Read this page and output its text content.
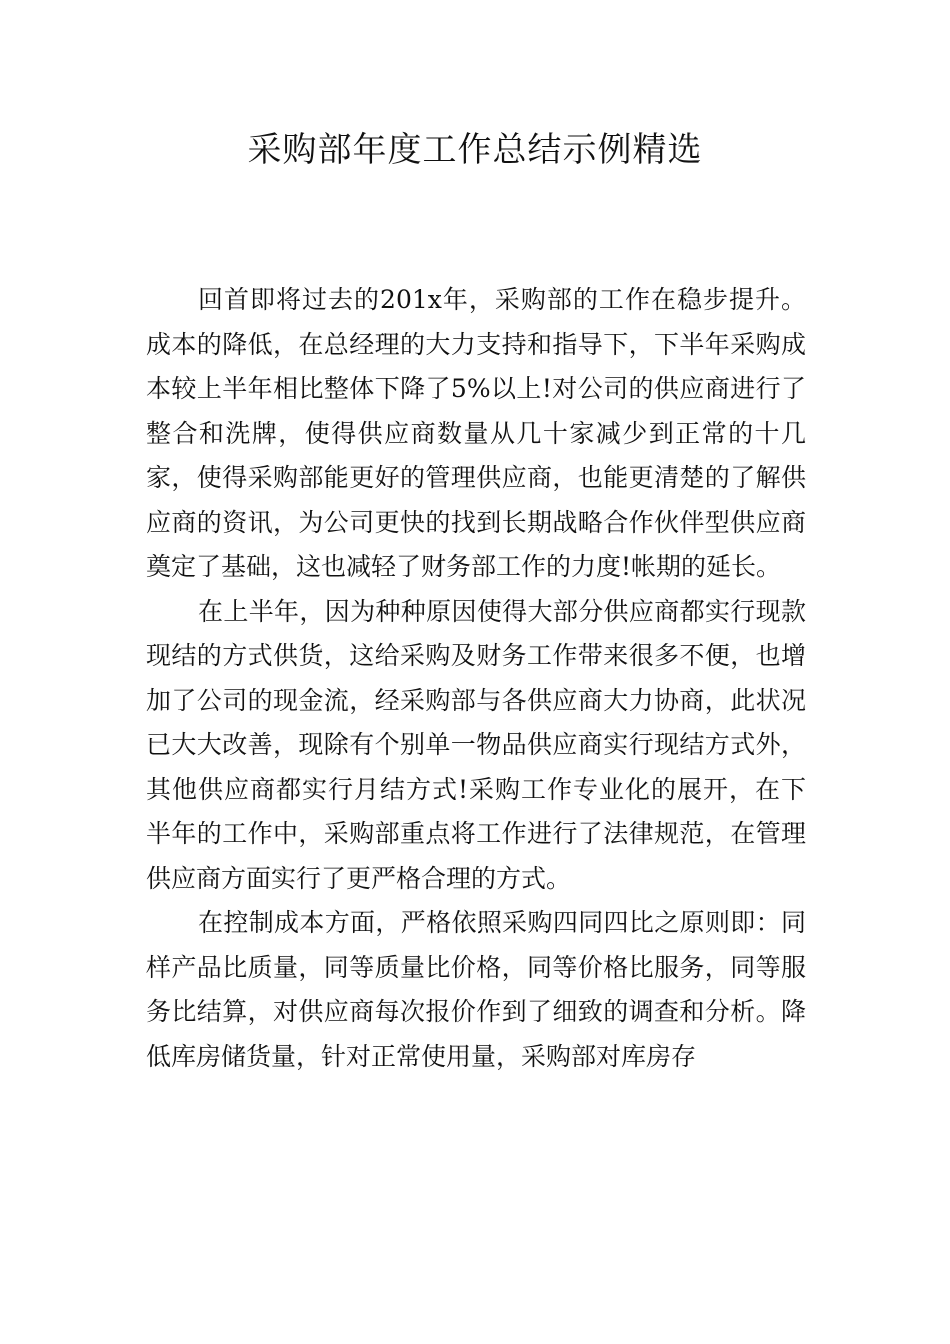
采购部年度工作总结示例精选

回首即将过去的201x年，采购部的工作在稳步提升。成本的降低，在总经理的大力支持和指导下，下半年采购成本较上半年相比整体下降了5%以上!对公司的供应商进行了整合和洗牌，使得供应商数量从几十家减少到正常的十几家，使得采购部能更好的管理供应商，也能更清楚的了解供应商的资讯，为公司更快的找到长期战略合作伙伴型供应商奠定了基础，这也减轻了财务部工作的力度!帐期的延长。

在上半年，因为种种原因使得大部分供应商都实行现款现结的方式供货，这给采购及财务工作带来很多不便，也增加了公司的现金流，经采购部与各供应商大力协商，此状况已大大改善，现除有个别单一物品供应商实行现结方式外，其他供应商都实行月结方式!采购工作专业化的展开，在下半年的工作中，采购部重点将工作进行了法律规范，在管理供应商方面实行了更严格合理的方式。

在控制成本方面，严格依照采购四同四比之原则即：同样产品比质量，同等质量比价格，同等价格比服务，同等服务比结算，对供应商每次报价作到了细致的调查和分析。降低库房储货量，针对正常使用量，采购部对库房存
